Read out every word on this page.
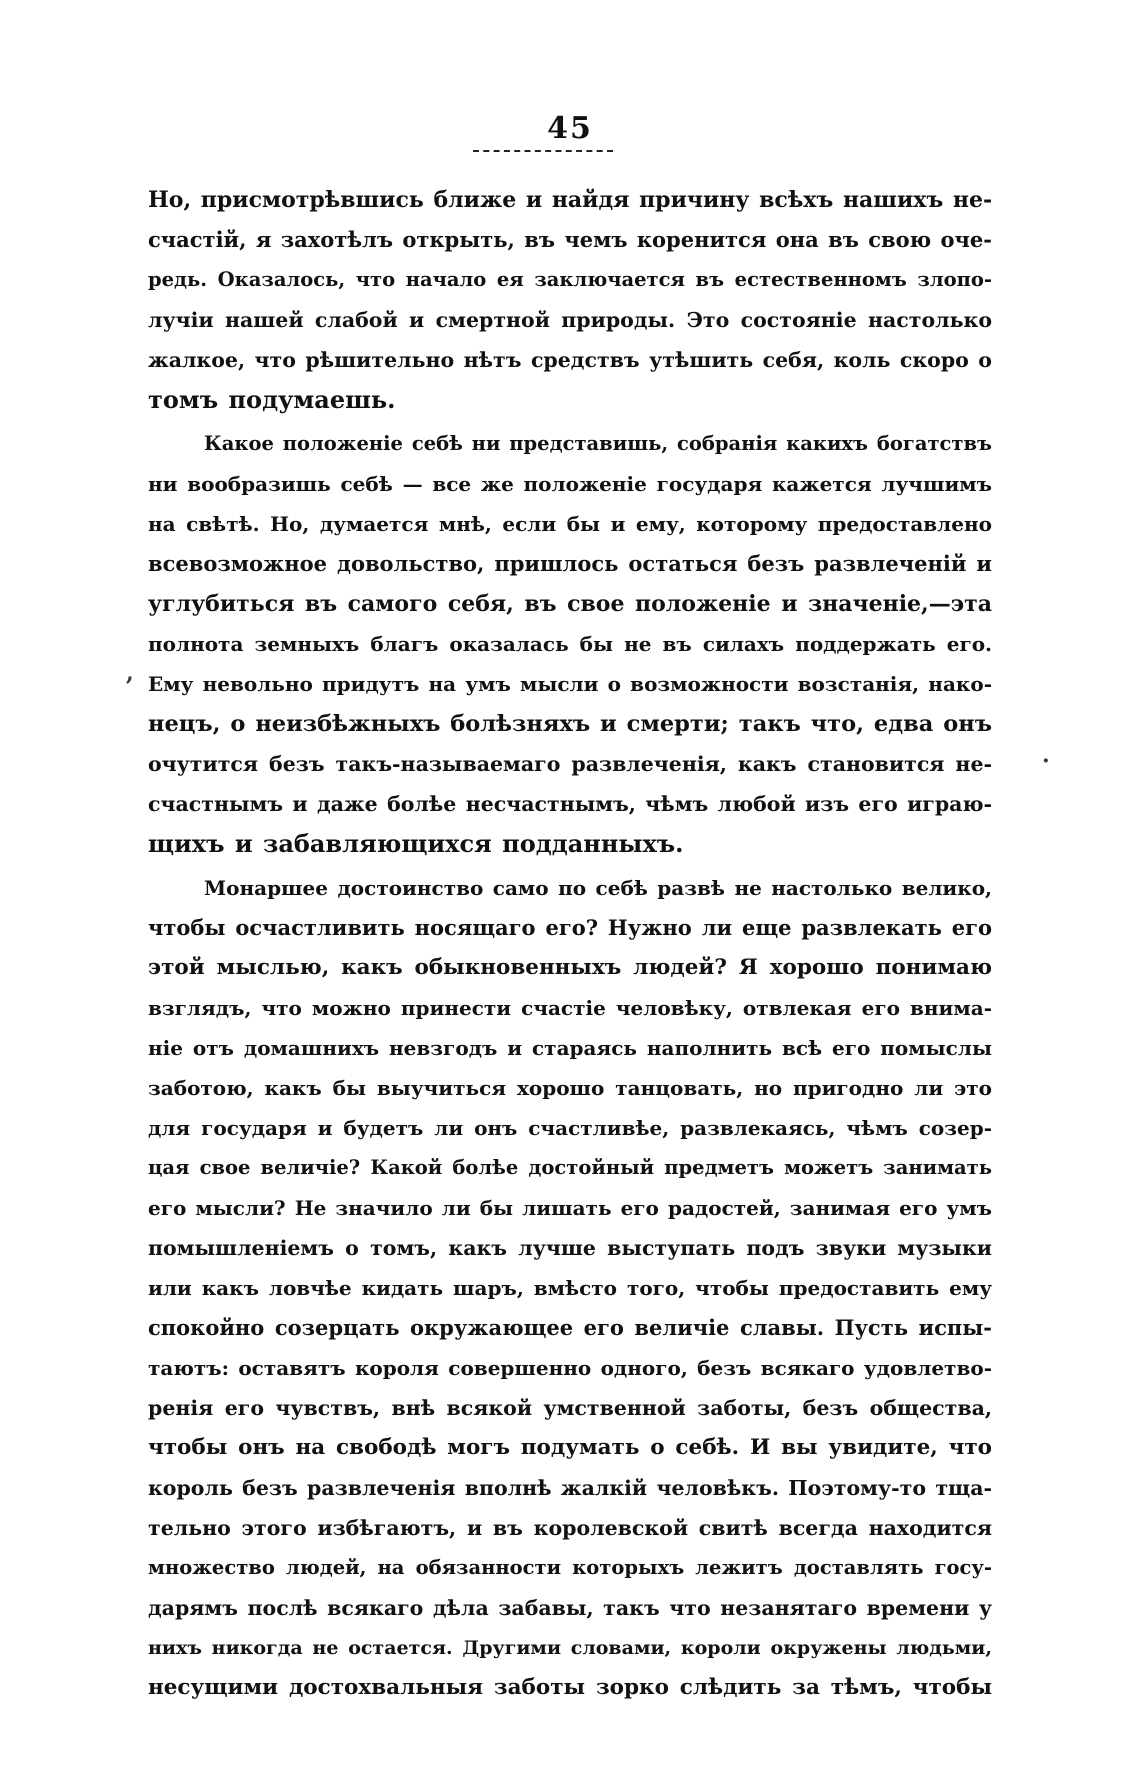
45
Но, присмотрѣвшись ближе и найдя причину всѣхъ нашихъ не-
счастій, я захотѣлъ открыть, въ чемъ коренится она въ свою оче-
редь. Оказалось, что начало ея заключается въ естественномъ злопо-
лучіи нашей слабой и смертной природы. Это состояніе настолько
жалкое, что рѣшительно нѣтъ средствъ утѣшить себя, коль скоро о
томъ подумаешь.
Какое положеніе себѣ ни представишь, собранія какихъ богатствъ
ни вообразишь себѣ — все же положеніе государя кажется лучшимъ
на свѣтѣ. Но, думается мнѣ, если бы и ему, которому предоставлено
всевозможное довольство, пришлось остаться безъ развлеченій и
углубиться въ самого себя, въ свое положеніе и значеніе,—эта
полнота земныхъ благъ оказалась бы не въ силахъ поддержать его.
Ему невольно придутъ на умъ мысли о возможности возстанія, нако-
нецъ, о неизбѣжныхъ болѣзняхъ и смерти; такъ что, едва онъ
очутится безъ такъ-называемаго развлеченія, какъ становится не-
счастнымъ и даже болѣе несчастнымъ, чѣмъ любой изъ его играю-
щихъ и забавляющихся подданныхъ.
Монаршее достоинство само по себѣ развѣ не настолько велико,
чтобы осчастливить носящаго его? Нужно ли еще развлекать его
этой мыслью, какъ обыкновенныхъ людей? Я хорошо понимаю
взглядъ, что можно принести счастіе человѣку, отвлекая его внима-
ніе отъ домашнихъ невзгодъ и стараясь наполнить всѣ его помыслы
заботою, какъ бы выучиться хорошо танцовать, но пригодно ли это
для государя и будетъ ли онъ счастливѣе, развлекаясь, чѣмъ созер-
цая свое величіе? Какой болѣе достойный предметъ можетъ занимать
его мысли? Не значило ли бы лишать его радостей, занимая его умъ
помышленіемъ о томъ, какъ лучше выступать подъ звуки музыки
или какъ ловчѣе кидать шаръ, вмѣсто того, чтобы предоставить ему
спокойно созерцать окружающее его величіе славы. Пусть испы-
таютъ: оставятъ короля совершенно одного, безъ всякаго удовлетво-
ренія его чувствъ, внѣ всякой умственной заботы, безъ общества,
чтобы онъ на свободѣ могъ подумать о себѣ. И вы увидите, что
король безъ развлеченія вполнѣ жалкій человѣкъ. Поэтому-то тща-
тельно этого избѣгаютъ, и въ королевской свитѣ всегда находится
множество людей, на обязанности которыхъ лежитъ доставлять госу-
дарямъ послѣ всякаго дѣла забавы, такъ что незанятаго времени у
нихъ никогда не остается. Другими словами, короли окружены людьми,
несущими достохвальныя заботы зорко слѣдить за тѣмъ, чтобы
,
·
